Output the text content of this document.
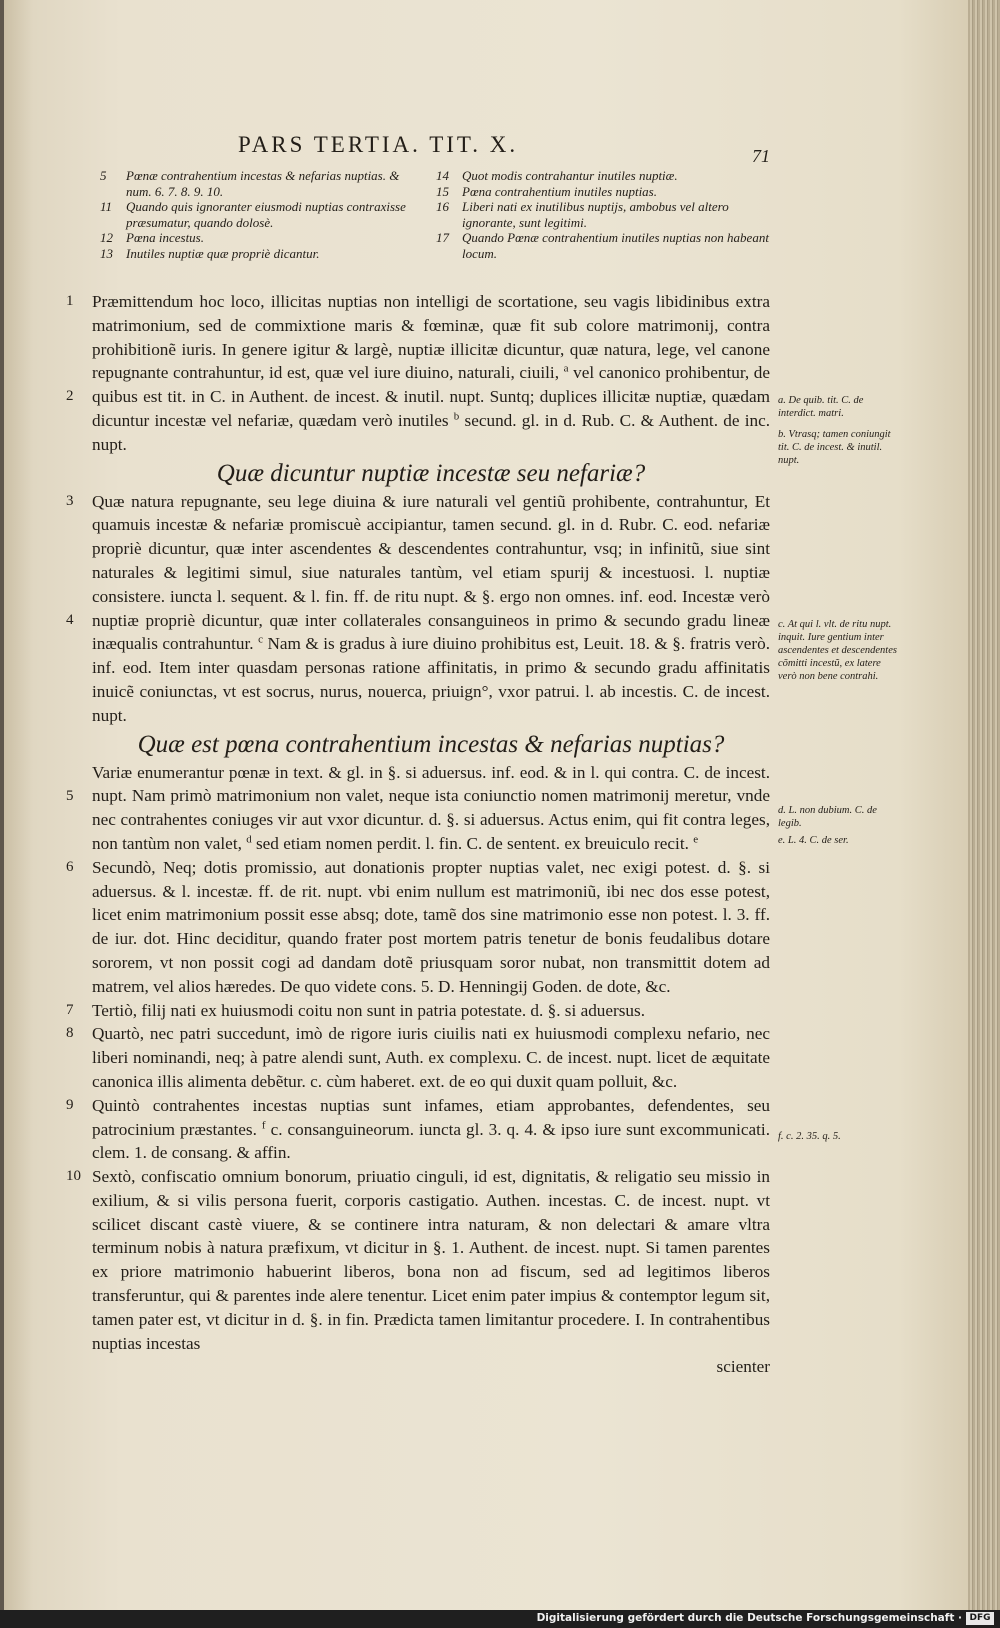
PARS TERTIA. TIT. X.	71
5 Pœnæ contrahentium incestas & nefarias nuptias. & num. 6. 7. 8. 9. 10.
11 Quando quis ignoranter eiusmodi nuptias contraxisse præsumatur, quando dolosè.
12 Pœna incestus.
13 Inutiles nuptiæ quæ propriè dicantur.
14 Quot modis contrahantur inutiles nuptiæ.
15 Pœna contrahentium inutiles nuptias.
16 Liberi nati ex inutilibus nuptijs, ambobus vel altero ignorante, sunt legitimi.
17 Quando Pœnæ contrahentium inutiles nuptias non habeant locum.

1
2
Præmittendum hoc loco, illicitas nuptias non intelligi de scortatione, seu vagis libidinibus extra matrimonium, sed de commixtione maris & fœminæ, quæ fit sub colore matrimonij, contra prohibitionẽ iuris. In genere igitur & largè, nuptiæ illicitæ dicuntur, quæ natura, lege, vel canone repugnante contrahuntur, id est, quæ vel iure diuino, naturali, ciuili, $^a$ vel canonico prohibentur, de quibus est tit. in C. in Authent. de incest. & inutil. nupt. Suntq; duplices illicitæ nuptiæ, quædam dicuntur incestæ vel nefariæ, quædam verò inutiles $^b$ secund. gl. in d. Rub. C. & Authent. de inc. nupt.

Quæ dicuntur nuptiæ incestæ seu nefariæ?

3
4
Quæ natura repugnante, seu lege diuina & iure naturali vel gentiũ prohibente, contrahuntur, Et quamuis incestæ & nefariæ promiscuè accipiantur, tamen secund. gl. in d. Rubr. C. eod. nefariæ propriè dicuntur, quæ inter ascendentes & descendentes contrahuntur, vsq; in infinitũ, siue sint naturales & legitimi simul, siue naturales tantùm, vel etiam spurij & incestuosi. l. nuptiæ consistere. iuncta l. sequent. & l. fin. ff. de ritu nupt. & §. ergo non omnes. inf. eod. Incestæ verò nuptiæ propriè dicuntur, quæ inter collaterales consanguineos in primo & secundo gradu lineæ inæqualis contrahuntur. $^c$ Nam & is gradus à iure diuino prohibitus est, Leuit. 18. & §. fratris verò. inf. eod. Item inter quasdam personas ratione affinitatis, in primo & secundo gradu affinitatis inuicẽ coniunctas, vt est socrus, nurus, nouerca, priuign°, vxor patrui. l. ab incestis. C. de incest. nupt.

Quæ est pœna contrahentium incestas & nefarias nuptias?

5
Variæ enumerantur pœnæ in text. & gl. in §. si aduersus. inf. eod. & in l. qui contra. C. de incest. nupt. Nam primò matrimonium non valet, neque ista coniunctio nomen matrimonij meretur, vnde nec contrahentes coniuges vir aut vxor dicuntur. d. §. si aduersus. Actus enim, qui fit contra leges, non tantùm non valet, $^d$ sed etiam nomen perdit. l. fin. C. de sentent. ex breuiculo recit. $^e$

6 Secundò, Neq; dotis promissio, aut donationis propter nuptias valet, nec exigi potest. d. §. si aduersus. & l. incestæ. ff. de rit. nupt. vbi enim nullum est matrimoniũ, ibi nec dos esse potest, licet enim matrimonium possit esse absq; dote, tamẽ dos sine matrimonio esse non potest. l. 3. ff. de iur. dot. Hinc deciditur, quando frater post mortem patris tenetur de bonis feudalibus dotare sororem, vt non possit cogi ad dandam dotẽ priusquam soror nubat, non transmittit dotem ad matrem, vel alios hæredes. De quo videte cons. 5. D. Henningij Goden. de dote, &c.

7 Tertiò, filij nati ex huiusmodi coitu non sunt in patria potestate. d. §. si aduersus.

8 Quartò, nec patri succedunt, imò de rigore iuris ciuilis nati ex huiusmodi complexu nefario, nec liberi nominandi, neq; à patre alendi sunt, Auth. ex complexu. C. de incest. nupt. licet de æquitate canonica illis alimenta debẽtur. c. cùm haberet. ext. de eo qui duxit quam polluit, &c.

9 Quintò contrahentes incestas nuptias sunt infames, etiam approbantes, defendentes, seu patrocinium præstantes. $^f$ c. consanguineorum. iuncta gl. 3. q. 4. & ipso iure sunt excommunicati. clem. 1. de consang. & affin.

10 Sextò, confiscatio omnium bonorum, priuatio cinguli, id est, dignitatis, & religatio seu missio in exilium, & si vilis persona fuerit, corporis castigatio. Authen. incestas. C. de incest. nupt. vt scilicet discant castè viuere, & se continere intra naturam, & non delectari & amare vltra terminum nobis à natura præfixum, vt dicitur in §. 1. Authent. de incest. nupt. Si tamen parentes ex priore matrimonio habuerint liberos, bona non ad fiscum, sed ad legitimos liberos transferuntur, qui & parentes inde alere tenentur. Licet enim pater impius & contemptor legum sit, tamen pater est, vt dicitur in d. §. in fin. Prædicta tamen limitantur procedere. I. In contrahentibus nuptias incestas

scienter

a. De quib. tit. C. de interdict. matri.
b. Vtrasq; tamen coniungit tit. C. de incest. & inutil. nupt.
c. At qui l. vlt. de ritu nupt. inquit. Iure gentium inter ascendentes et descendentes cõmitti incestũ, ex latere verò non bene contrahi.
d. L. non dubium. C. de legib.
e. L. 4. C. de ser.
f. c. 2. 35. q. 5.
Digitalisierung gefördert durch die Deutsche Forschungsgemeinschaft · DFG
